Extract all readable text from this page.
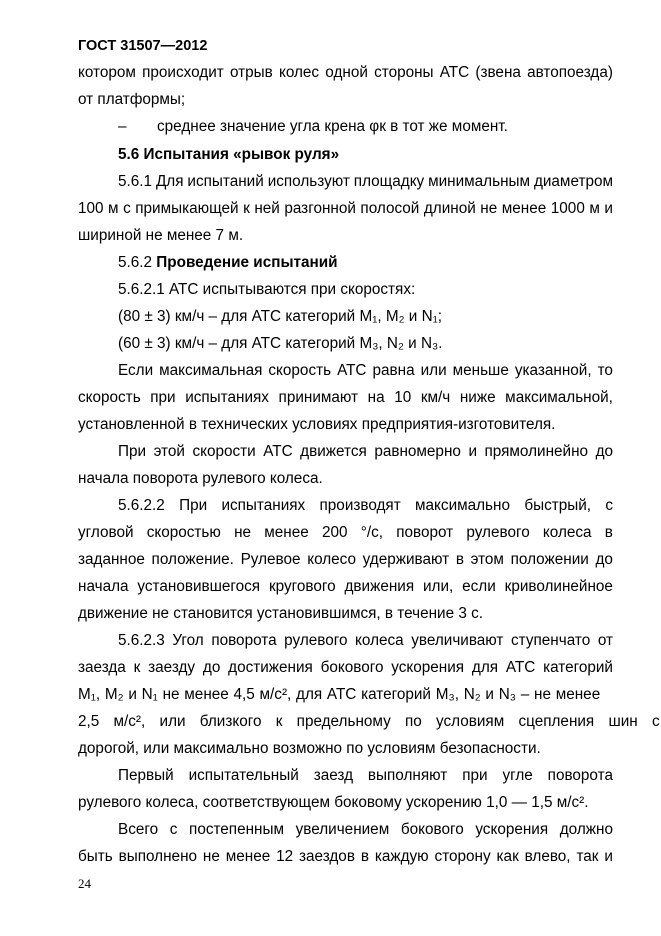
ГОСТ 31507—2012
котором происходит отрыв колес одной стороны АТС (звена автопоезда)
от платформы;
– среднее значение угла крена φк в тот же момент.
5.6 Испытания «рывок руля»
5.6.1 Для испытаний используют площадку минимальным диаметром
100 м с примыкающей к ней разгонной полосой длиной не менее 1000 м и
шириной не менее 7 м.
5.6.2 Проведение испытаний
5.6.2.1 АТС испытываются при скоростях:
(80 ± 3) км/ч – для АТС категорий M₁, M₂ и N₁;
(60 ± 3) км/ч – для АТС категорий M₃, N₂ и N₃.
Если максимальная скорость АТС равна или меньше указанной, то
скорость при испытаниях принимают на 10 км/ч ниже максимальной,
установленной в технических условиях предприятия-изготовителя.
При этой скорости АТС движется равномерно и прямолинейно до
начала поворота рулевого колеса.
5.6.2.2 При испытаниях производят максимально быстрый, с
угловой скоростью не менее 200 °/с, поворот рулевого колеса в
заданное положение. Рулевое колесо удерживают в этом положении до
начала установившегося кругового движения или, если криволинейное
движение не становится установившимся, в течение 3 с.
5.6.2.3 Угол поворота рулевого колеса увеличивают ступенчато от
заезда к заезду до достижения бокового ускорения для АТС категорий
M₁, M₂ и N₁ не менее 4,5 м/с², для АТС категорий M₃, N₂ и N₃ – не менее
2,5 м/с², или близкого к предельному по условиям сцепления шин с
дорогой, или максимально возможно по условиям безопасности.
Первый испытательный заезд выполняют при угле поворота
рулевого колеса, соответствующем боковому ускорению 1,0 — 1,5 м/с².
Всего с постепенным увеличением бокового ускорения должно
быть выполнено не менее 12 заездов в каждую сторону как влево, так и
24
